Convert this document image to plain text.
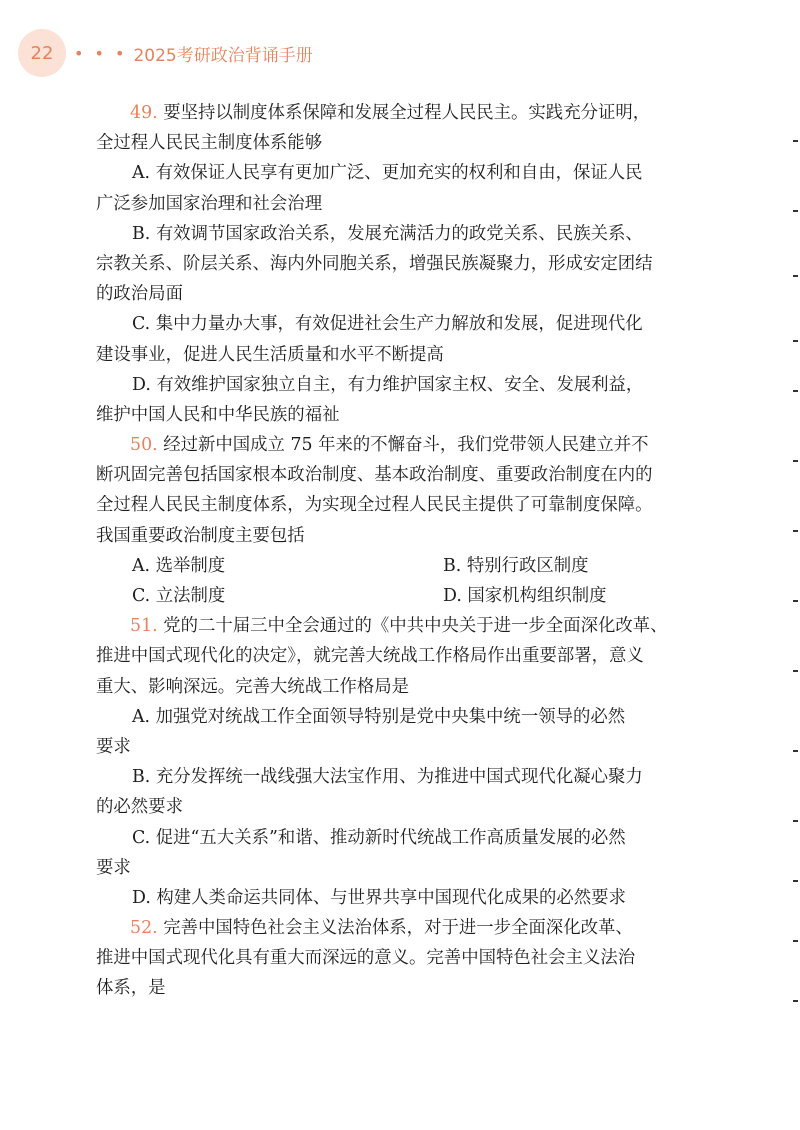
22 • • • 2025考研政治背诵手册
49. 要坚持以制度体系保障和发展全过程人民民主。实践充分证明，
全过程人民民主制度体系能够
A. 有效保证人民享有更加广泛、更加充实的权利和自由，保证人民
广泛参加国家治理和社会治理
B. 有效调节国家政治关系，发展充满活力的政党关系、民族关系、
宗教关系、阶层关系、海内外同胞关系，增强民族凝聚力，形成安定团结
的政治局面
C. 集中力量办大事，有效促进社会生产力解放和发展，促进现代化
建设事业，促进人民生活质量和水平不断提高
D. 有效维护国家独立自主，有力维护国家主权、安全、发展利益，
维护中国人民和中华民族的福祉
50. 经过新中国成立 75 年来的不懈奋斗，我们党带领人民建立并不
断巩固完善包括国家根本政治制度、基本政治制度、重要政治制度在内的
全过程人民民主制度体系，为实现全过程人民民主提供了可靠制度保障。
我国重要政治制度主要包括
A. 选举制度	B. 特别行政区制度
C. 立法制度	D. 国家机构组织制度
51. 党的二十届三中全会通过的《中共中央关于进一步全面深化改革、
推进中国式现代化的决定》，就完善大统战工作格局作出重要部署，意义
重大、影响深远。完善大统战工作格局是
A. 加强党对统战工作全面领导特别是党中央集中统一领导的必然
要求
B. 充分发挥统一战线强大法宝作用、为推进中国式现代化凝心聚力
的必然要求
C. 促进“五大关系”和谐、推动新时代统战工作高质量发展的必然
要求
D. 构建人类命运共同体、与世界共享中国现代化成果的必然要求
52. 完善中国特色社会主义法治体系，对于进一步全面深化改革、
推进中国式现代化具有重大而深远的意义。完善中国特色社会主义法治
体系，是
